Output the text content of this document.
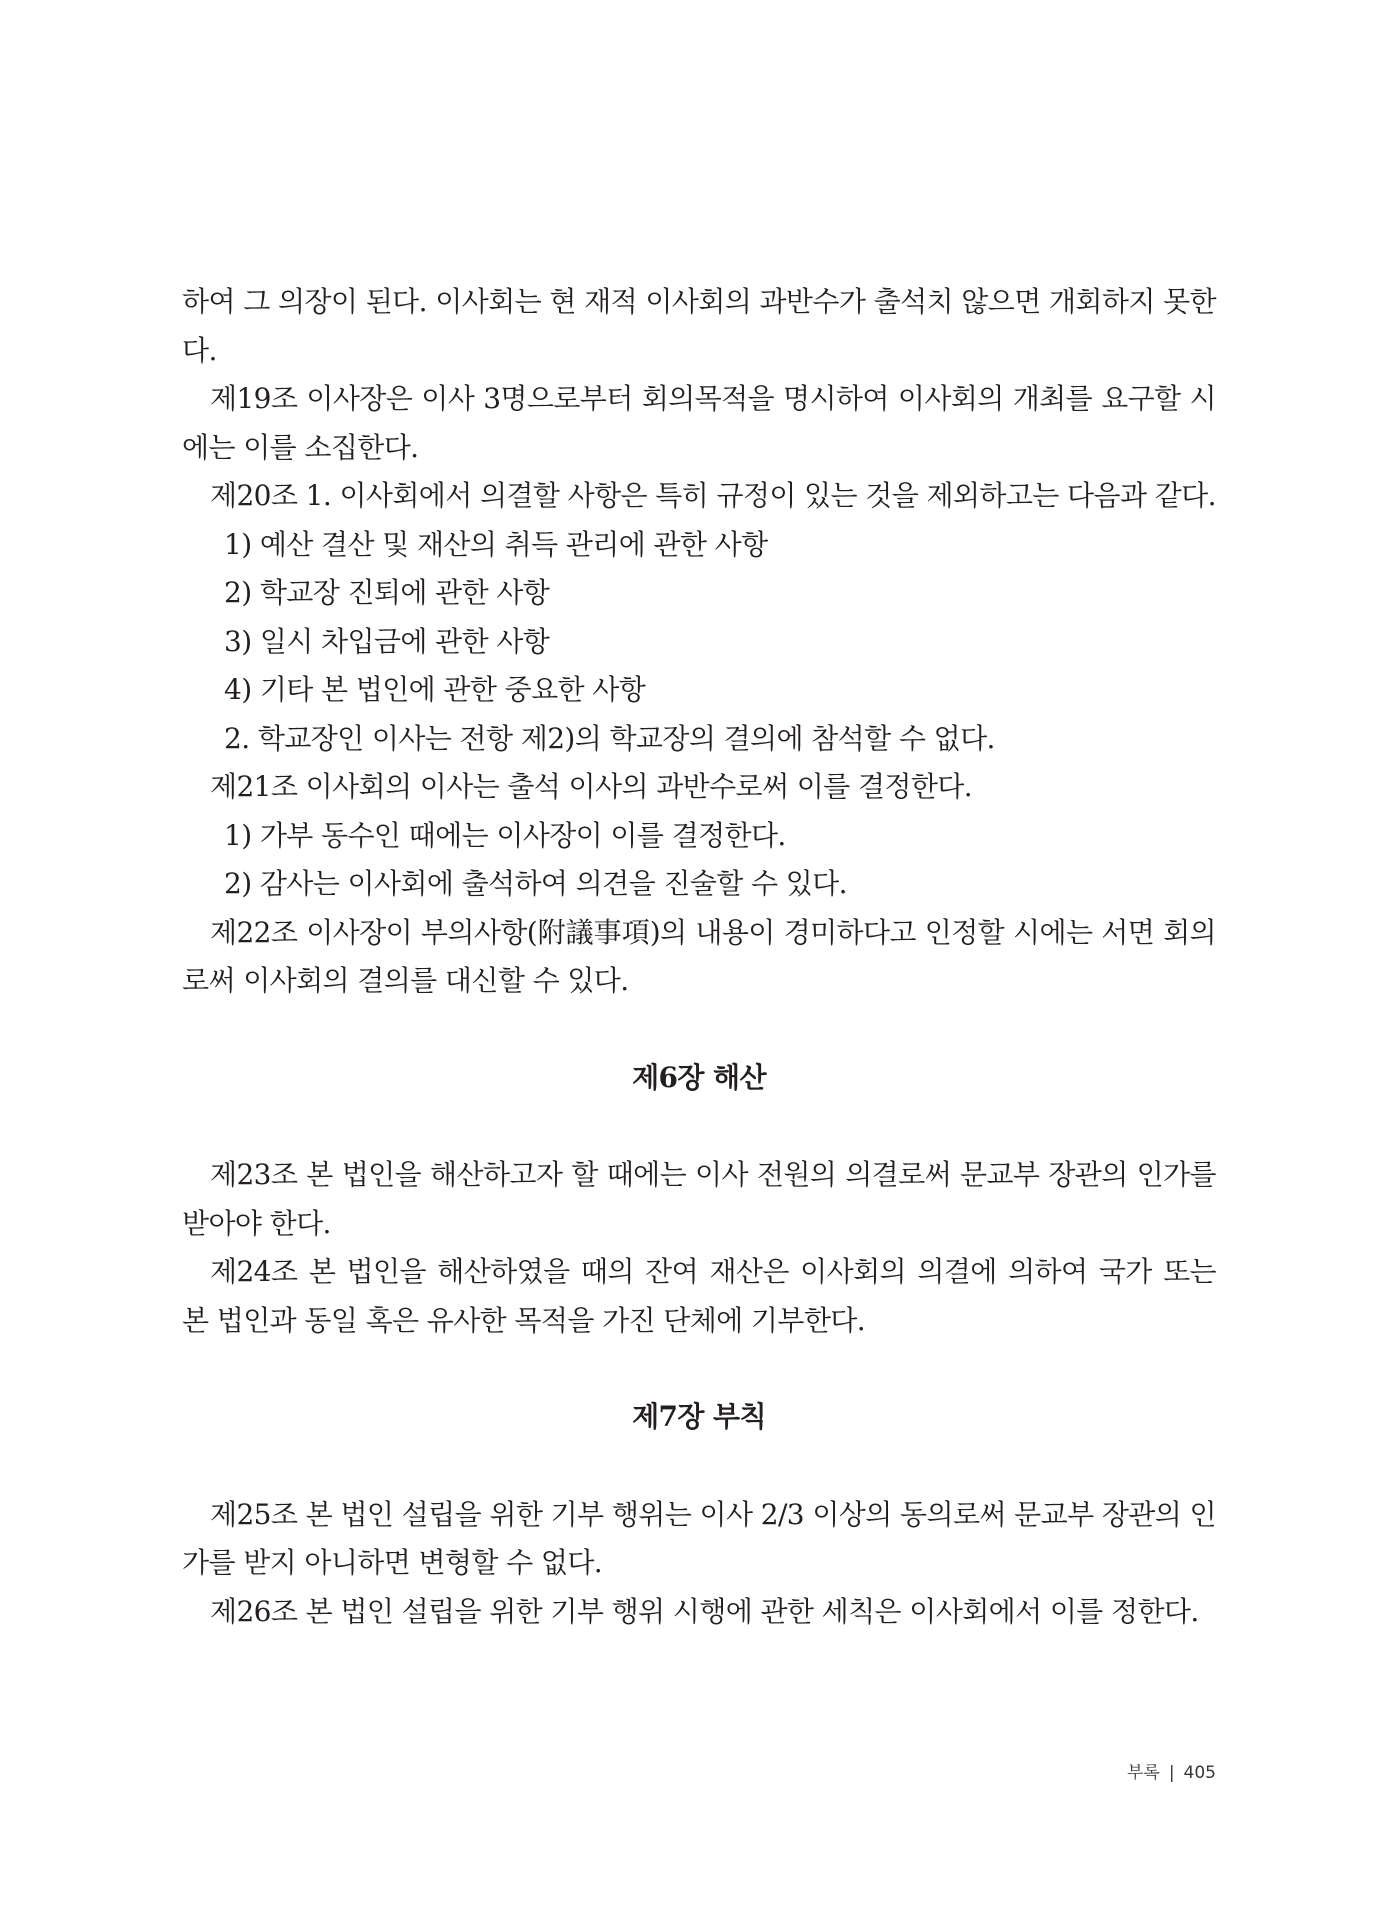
하여 그 의장이 된다. 이사회는 현 재적 이사회의 과반수가 출석치 않으면 개회하지 못한다.

제19조 이사장은 이사 3명으로부터 회의목적을 명시하여 이사회의 개최를 요구할 시에는 이를 소집한다.

제20조 1. 이사회에서 의결할 사항은 특히 규정이 있는 것을 제외하고는 다음과 같다.

1) 예산 결산 및 재산의 취득 관리에 관한 사항

2) 학교장 진퇴에 관한 사항

3) 일시 차입금에 관한 사항

4) 기타 본 법인에 관한 중요한 사항

2. 학교장인 이사는 전항 제2)의 학교장의 결의에 참석할 수 없다.

제21조 이사회의 이사는 출석 이사의 과반수로써 이를 결정한다.

1) 가부 동수인 때에는 이사장이 이를 결정한다.

2) 감사는 이사회에 출석하여 의견을 진술할 수 있다.

제22조 이사장이 부의사항(附議事項)의 내용이 경미하다고 인정할 시에는 서면 회의로써 이사회의 결의를 대신할 수 있다.

제6장 해산

제23조 본 법인을 해산하고자 할 때에는 이사 전원의 의결로써 문교부 장관의 인가를 받아야 한다.

제24조 본 법인을 해산하였을 때의 잔여 재산은 이사회의 의결에 의하여 국가 또는 본 법인과 동일 혹은 유사한 목적을 가진 단체에 기부한다.

제7장 부칙

제25조 본 법인 설립을 위한 기부 행위는 이사 2/3 이상의 동의로써 문교부 장관의 인가를 받지 아니하면 변형할 수 없다.

제26조 본 법인 설립을 위한 기부 행위 시행에 관한 세칙은 이사회에서 이를 정한다.

부록 | 405
